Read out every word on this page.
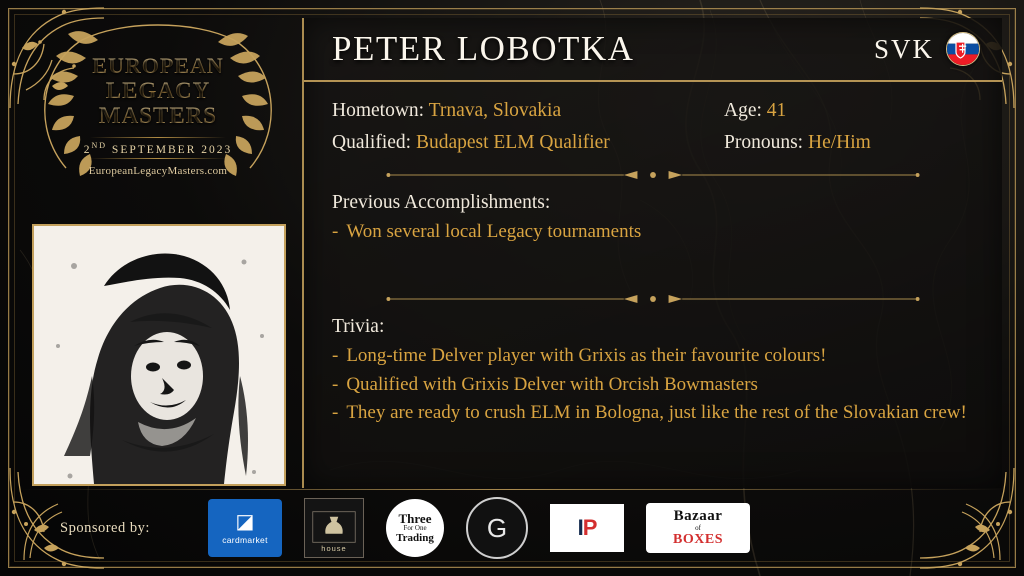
EUROPEAN
LEGACY
MASTERS
2ND SEPTEMBER 2023
EuropeanLegacyMasters.com
PETER LOBOTKA	SVK
Hometown: Trnava, Slovakia	Age: 41
Qualified: Budapest ELM Qualifier	Pronouns: He/Him
Previous Accomplishments:
- Won several local Legacy tournaments
Trivia:
- Long-time Delver player with Grixis as their favourite colours!
- Qualified with Grixis Delver with Orcish Bowmasters
- They are ready to crush ELM in Bologna, just like the rest of the Slovakian crew!
Sponsored by:	◪
cardmarket
house
Three
For One
Trading	G	I P	Bazaar
of
BOXES
